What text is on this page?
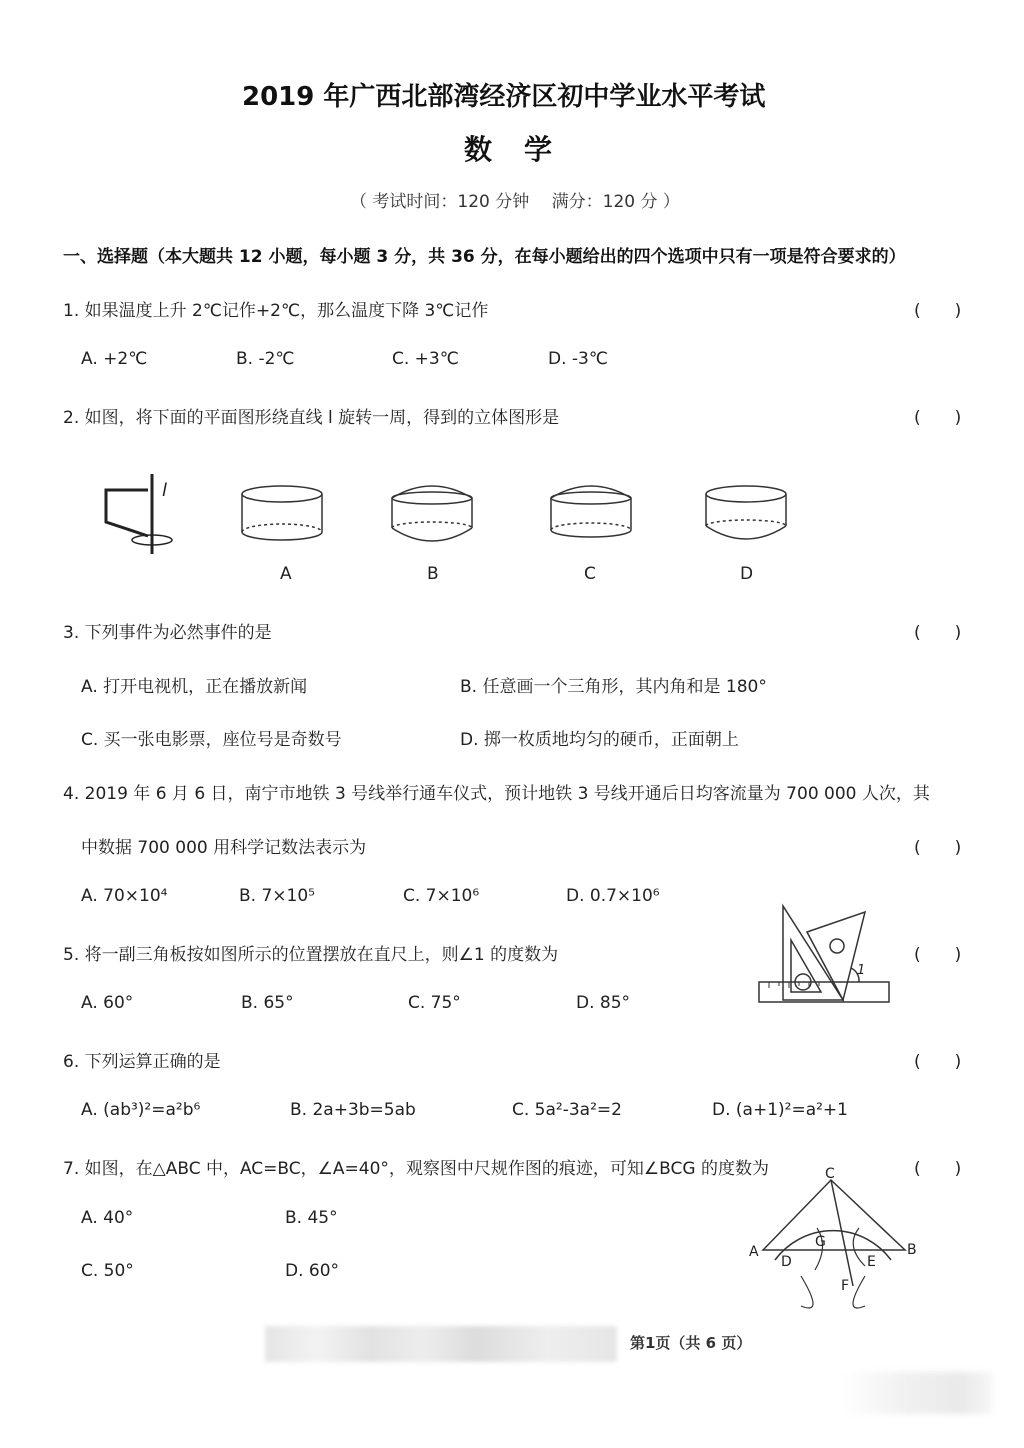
2019 年广西北部湾经济区初中学业水平考试
数学
（ 考试时间：120 分钟　 满分：120 分 ）
一、选择题（本大题共 12 小题，每小题 3 分，共 36 分，在每小题给出的四个选项中只有一项是符合要求的）
1. 如果温度上升 2℃记作+2℃，那么温度下降 3℃记作	(　　)
A. +2℃	B. -2℃	C. +3℃	D. -3℃
2. 如图，将下面的平面图形绕直线 l 旋转一周，得到的立体图形是	(　　)
l
A	B	C	D
3. 下列事件为必然事件的是	(　　)
A. 打开电视机，正在播放新闻	B. 任意画一个三角形，其内角和是 180°
C. 买一张电影票，座位号是奇数号	D. 掷一枚质地均匀的硬币，正面朝上
4. 2019 年 6 月 6 日，南宁市地铁 3 号线举行通车仪式，预计地铁 3 号线开通后日均客流量为 700 000 人次，其
中数据 700 000 用科学记数法表示为	(　　)
A. 70×10⁴	B. 7×10⁵	C. 7×10⁶	D. 0.7×10⁶
5. 将一副三角板按如图所示的位置摆放在直尺上，则∠1 的度数为	(　　)
A. 60°	B. 65°	C. 75°	D. 85°
1
6. 下列运算正确的是	(　　)
A. (ab³)²=a²b⁶	B. 2a+3b=5ab	C. 5a²-3a²=2	D. (a+1)²=a²+1
7. 如图，在△ABC 中，AC=BC，∠A=40°，观察图中尺规作图的痕迹，可知∠BCG 的度数为	(　　)
A. 40°	B. 45°
C. 50°	D. 60°
C
A	B
G
D	E
F
第1页（共 6 页）
